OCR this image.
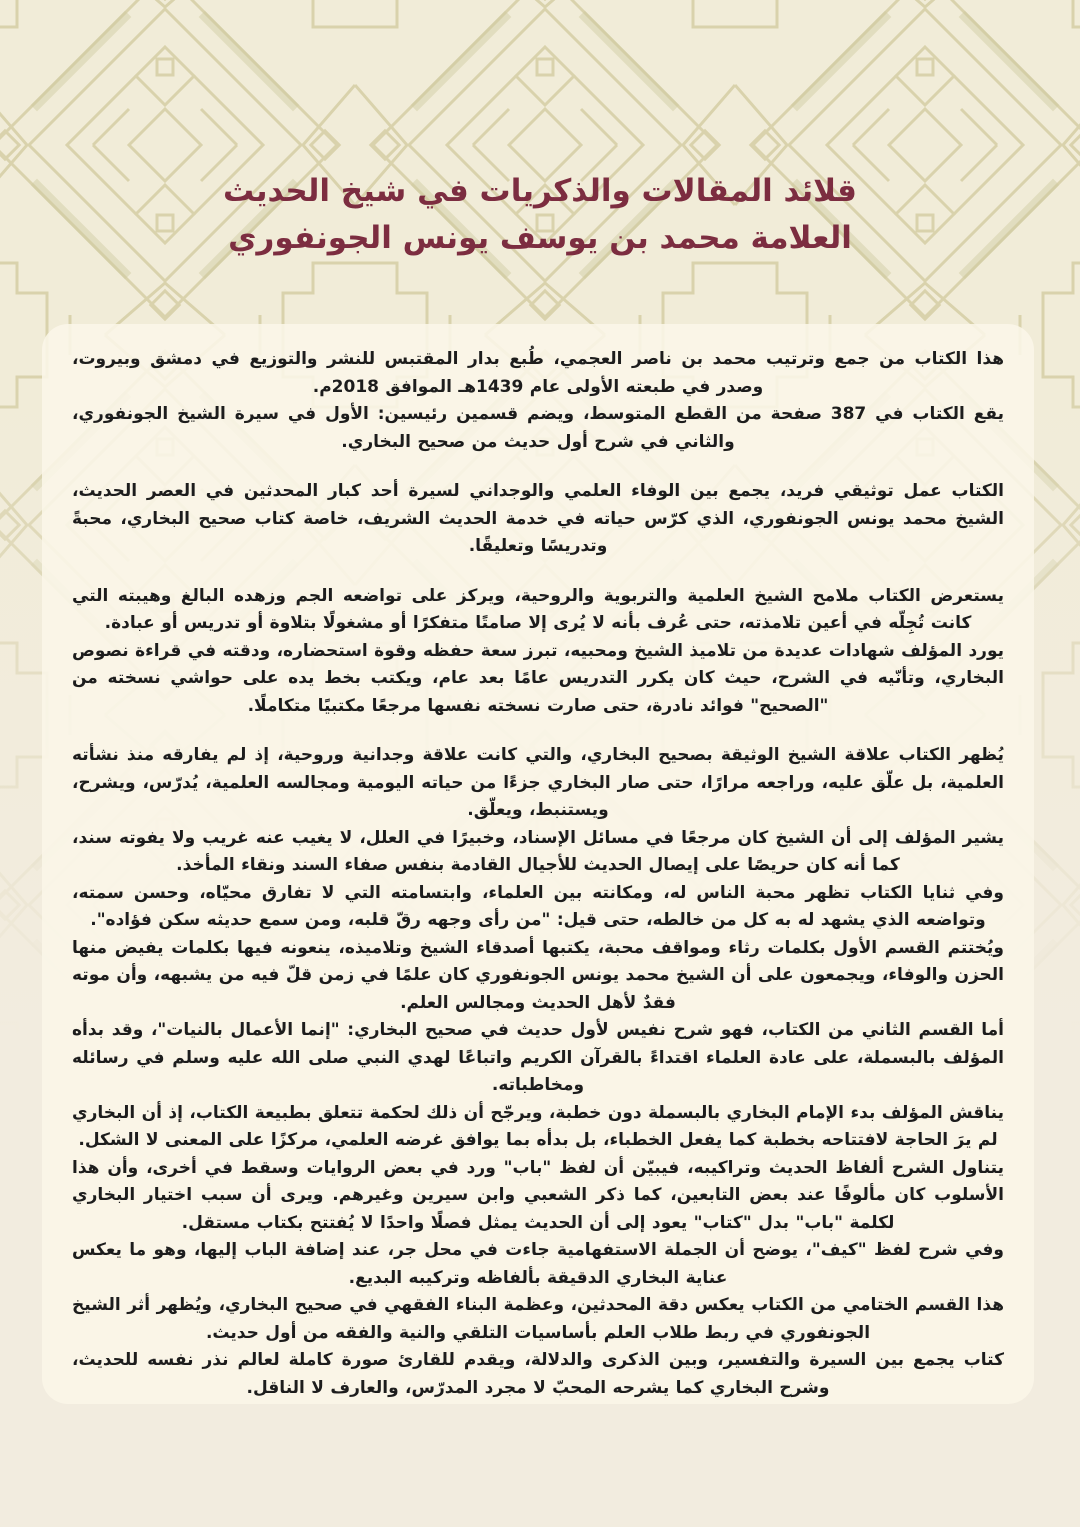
قلائد المقالات والذكريات في شيخ الحديث
العلامة محمد بن يوسف يونس الجونفوري

هذا الكتاب من جمع وترتيب محمد بن ناصر العجمي، طُبع بدار المقتبس للنشر والتوزيع في دمشق وبيروت، وصدر في طبعته الأولى عام 1439هـ الموافق 2018م.

يقع الكتاب في 387 صفحة من القطع المتوسط، ويضم قسمين رئيسين: الأول في سيرة الشيخ الجونفوري، والثاني في شرح أول حديث من صحيح البخاري.

الكتاب عمل توثيقي فريد، يجمع بين الوفاء العلمي والوجداني لسيرة أحد كبار المحدثين في العصر الحديث، الشيخ محمد يونس الجونفوري، الذي كرّس حياته في خدمة الحديث الشريف، خاصة كتاب صحيح البخاري، محبةً وتدريسًا وتعليقًا.

يستعرض الكتاب ملامح الشيخ العلمية والتربوية والروحية، ويركز على تواضعه الجم وزهده البالغ وهيبته التي كانت تُجِلّه في أعين تلامذته، حتى عُرف بأنه لا يُرى إلا صامتًا متفكرًا أو مشغولًا بتلاوة أو تدريس أو عبادة.

يورد المؤلف شهادات عديدة من تلاميذ الشيخ ومحبيه، تبرز سعة حفظه وقوة استحضاره، ودقته في قراءة نصوص البخاري، وتأنّيه في الشرح، حيث كان يكرر التدريس عامًا بعد عام، ويكتب بخط يده على حواشي نسخته من "الصحيح" فوائد نادرة، حتى صارت نسخته نفسها مرجعًا مكتبيًا متكاملًا.

يُظهر الكتاب علاقة الشيخ الوثيقة بصحيح البخاري، والتي كانت علاقة وجدانية وروحية، إذ لم يفارقه منذ نشأته العلمية، بل علّق عليه، وراجعه مرارًا، حتى صار البخاري جزءًا من حياته اليومية ومجالسه العلمية، يُدرّس، ويشرح، ويستنبط، ويعلّق.

يشير المؤلف إلى أن الشيخ كان مرجعًا في مسائل الإسناد، وخبيرًا في العلل، لا يغيب عنه غريب ولا يفوته سند، كما أنه كان حريصًا على إيصال الحديث للأجيال القادمة بنفس صفاء السند ونقاء المأخذ.

وفي ثنايا الكتاب تظهر محبة الناس له، ومكانته بين العلماء، وابتسامته التي لا تفارق محيّاه، وحسن سمته، وتواضعه الذي يشهد له به كل من خالطه، حتى قيل: "من رأى وجهه رقّ قلبه، ومن سمع حديثه سكن فؤاده".

ويُختتم القسم الأول بكلمات رثاء ومواقف محبة، يكتبها أصدقاء الشيخ وتلاميذه، ينعونه فيها بكلمات يفيض منها الحزن والوفاء، ويجمعون على أن الشيخ محمد يونس الجونفوري كان علمًا في زمن قلّ فيه من يشبهه، وأن موته فقدٌ لأهل الحديث ومجالس العلم.

أما القسم الثاني من الكتاب، فهو شرح نفيس لأول حديث في صحيح البخاري: "إنما الأعمال بالنيات"، وقد بدأه المؤلف بالبسملة، على عادة العلماء اقتداءً بالقرآن الكريم واتباعًا لهدي النبي صلى الله عليه وسلم في رسائله ومخاطباته.

يناقش المؤلف بدء الإمام البخاري بالبسملة دون خطبة، ويرجّح أن ذلك لحكمة تتعلق بطبيعة الكتاب، إذ أن البخاري لم يرَ الحاجة لافتتاحه بخطبة كما يفعل الخطباء، بل بدأه بما يوافق غرضه العلمي، مركزًا على المعنى لا الشكل.

يتناول الشرح ألفاظ الحديث وتراكيبه، فيبيّن أن لفظ "باب" ورد في بعض الروايات وسقط في أخرى، وأن هذا الأسلوب كان مألوفًا عند بعض التابعين، كما ذكر الشعبي وابن سيرين وغيرهم. ويرى أن سبب اختيار البخاري لكلمة "باب" بدل "كتاب" يعود إلى أن الحديث يمثل فصلًا واحدًا لا يُفتتح بكتاب مستقل.

وفي شرح لفظ "كيف"، يوضح أن الجملة الاستفهامية جاءت في محل جر، عند إضافة الباب إليها، وهو ما يعكس عناية البخاري الدقيقة بألفاظه وتركيبه البديع.

هذا القسم الختامي من الكتاب يعكس دقة المحدثين، وعظمة البناء الفقهي في صحيح البخاري، ويُظهر أثر الشيخ الجونفوري في ربط طلاب العلم بأساسيات التلقي والنية والفقه من أول حديث.

كتاب يجمع بين السيرة والتفسير، وبين الذكرى والدلالة، ويقدم للقارئ صورة كاملة لعالم نذر نفسه للحديث، وشرح البخاري كما يشرحه المحبّ لا مجرد المدرّس، والعارف لا الناقل.
